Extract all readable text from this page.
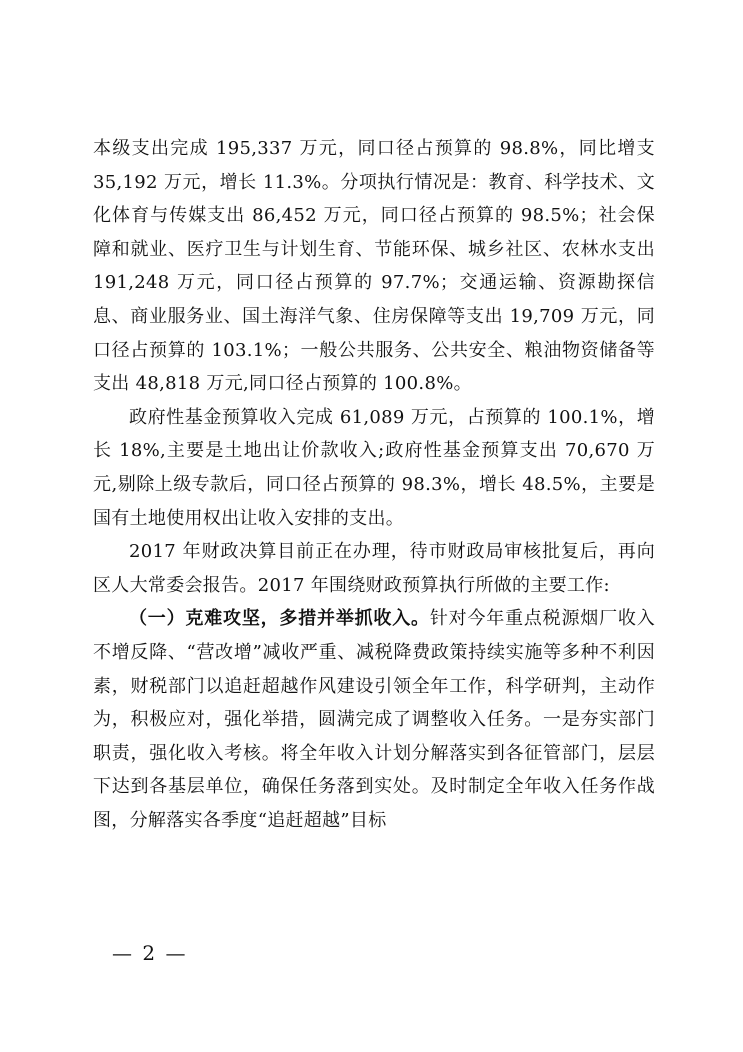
本级支出完成 195,337 万元，同口径占预算的 98.8%，同比增支 35,192 万元，增长 11.3%。分项执行情况是：教育、科学技术、文化体育与传媒支出 86,452 万元，同口径占预算的 98.5%；社会保障和就业、医疗卫生与计划生育、节能环保、城乡社区、农林水支出 191,248 万元，同口径占预算的 97.7%；交通运输、资源勘探信息、商业服务业、国土海洋气象、住房保障等支出 19,709 万元，同口径占预算的 103.1%；一般公共服务、公共安全、粮油物资储备等支出 48,818 万元,同口径占预算的 100.8%。

政府性基金预算收入完成 61,089 万元，占预算的 100.1%，增长 18%,主要是土地出让价款收入;政府性基金预算支出 70,670 万元,剔除上级专款后，同口径占预算的 98.3%，增长 48.5%，主要是国有土地使用权出让收入安排的支出。

2017 年财政决算目前正在办理，待市财政局审核批复后，再向区人大常委会报告。2017 年围绕财政预算执行所做的主要工作:

（一）克难攻坚，多措并举抓收入。针对今年重点税源烟厂收入不增反降、“营改增”减收严重、减税降费政策持续实施等多种不利因素，财税部门以追赶超越作风建设引领全年工作，科学研判，主动作为，积极应对，强化举措，圆满完成了调整收入任务。一是夯实部门职责，强化收入考核。将全年收入计划分解落实到各征管部门，层层下达到各基层单位，确保任务落到实处。及时制定全年收入任务作战图，分解落实各季度“追赶超越”目标

— 2 —
